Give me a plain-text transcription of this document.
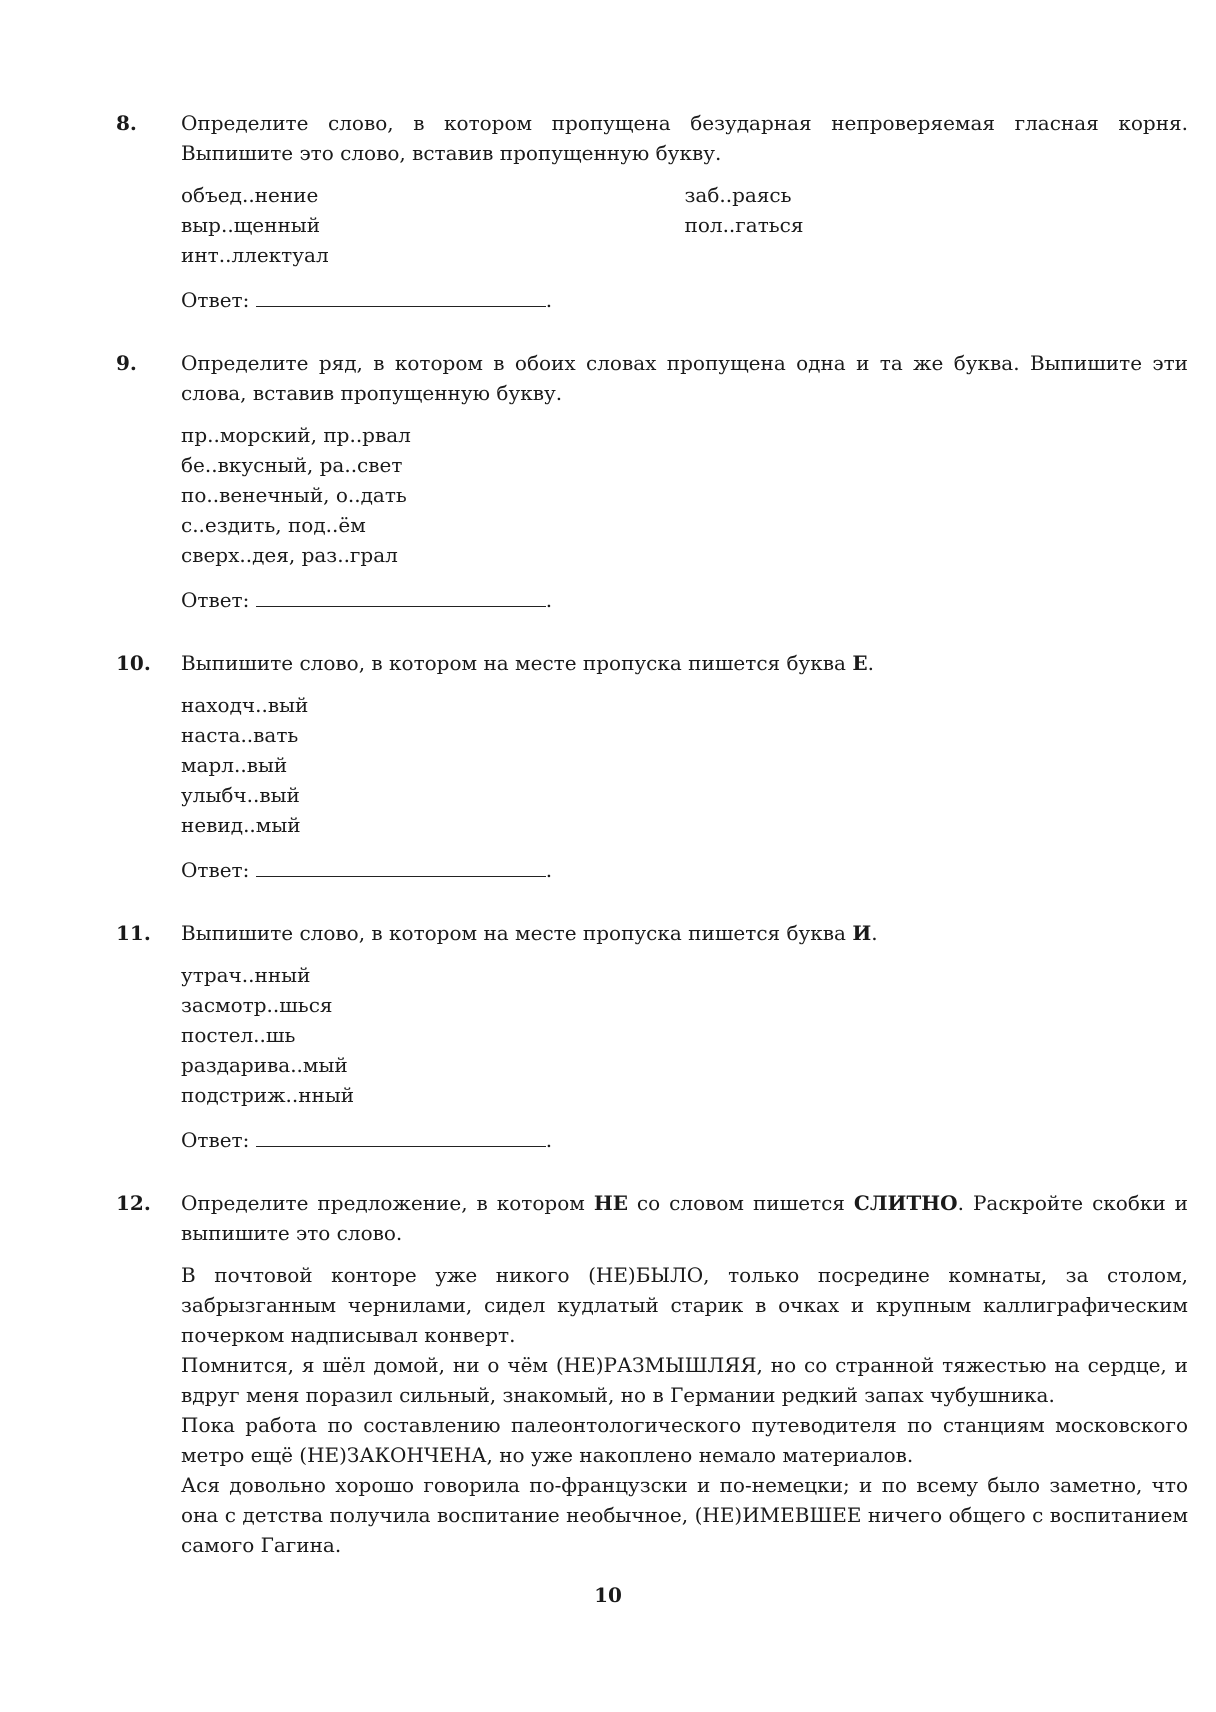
8. Определите слово, в котором пропущена безударная непроверяемая гласная корня. Выпишите это слово, вставив пропущенную букву.
объед..нение
выр..щенный
инт..ллектуал
заб..раясь
пол..гаться
Ответ:	.
9. Определите ряд, в котором в обоих словах пропущена одна и та же буква. Выпишите эти слова, вставив пропущенную букву.
пр..морский, пр..рвал
бе..вкусный, ра..свет
по..венечный, о..дать
с..ездить, под..ём
сверх..дея, раз..грал
Ответ:	.
10. Выпишите слово, в котором на месте пропуска пишется буква Е.
находч..вый
наста..вать
марл..вый
улыбч..вый
невид..мый
Ответ:	.
11. Выпишите слово, в котором на месте пропуска пишется буква И.
утрач..нный
засмотр..шься
постел..шь
раздарива..мый
подстриж..нный
Ответ:	.
12. Определите предложение, в котором НЕ со словом пишется СЛИТНО. Раскройте скобки и выпишите это слово.
В почтовой конторе уже никого (НЕ)БЫЛО, только посредине комнаты, за столом, забрызганным чернилами, сидел кудлатый старик в очках и крупным каллиграфическим почерком надписывал конверт.
Помнится, я шёл домой, ни о чём (НЕ)РАЗМЫШЛЯЯ, но со странной тяжестью на сердце, и вдруг меня поразил сильный, знакомый, но в Германии редкий запах чубушника.
Пока работа по составлению палеонтологического путеводителя по станциям московского метро ещё (НЕ)ЗАКОНЧЕНА, но уже накоплено немало материалов.
Ася довольно хорошо говорила по-французски и по-немецки; и по всему было заметно, что она с детства получила воспитание необычное, (НЕ)ИМЕВШЕЕ ничего общего с воспитанием самого Гагина.
10
